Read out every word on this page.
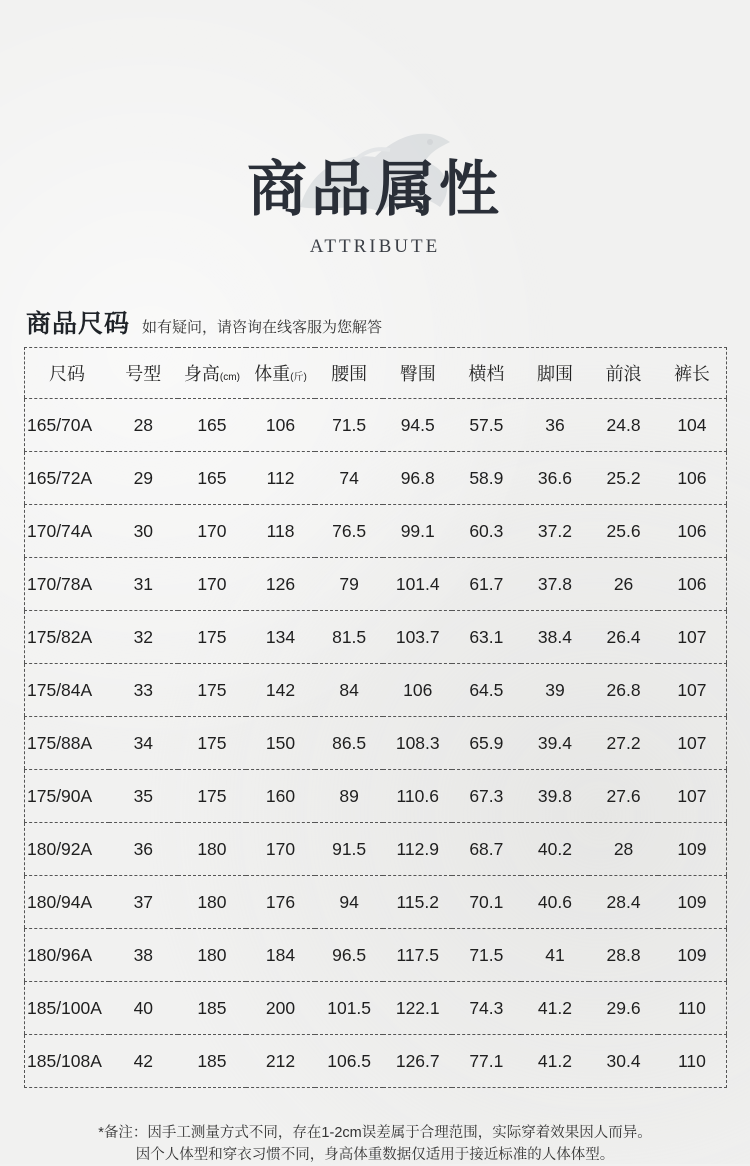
商品属性
ATTRIBUTE
商品尺码 如有疑问，请咨询在线客服为您解答
尺码	号型	身高(cm)	体重(斤)	腰围	臀围	横档	脚围	前浪	裤长
165/70A	28	165	106	71.5	94.5	57.5	36	24.8	104
165/72A	29	165	112	74	96.8	58.9	36.6	25.2	106
170/74A	30	170	118	76.5	99.1	60.3	37.2	25.6	106
170/78A	31	170	126	79	101.4	61.7	37.8	26	106
175/82A	32	175	134	81.5	103.7	63.1	38.4	26.4	107
175/84A	33	175	142	84	106	64.5	39	26.8	107
175/88A	34	175	150	86.5	108.3	65.9	39.4	27.2	107
175/90A	35	175	160	89	110.6	67.3	39.8	27.6	107
180/92A	36	180	170	91.5	112.9	68.7	40.2	28	109
180/94A	37	180	176	94	115.2	70.1	40.6	28.4	109
180/96A	38	180	184	96.5	117.5	71.5	41	28.8	109
185/100A	40	185	200	101.5	122.1	74.3	41.2	29.6	110
185/108A	42	185	212	106.5	126.7	77.1	41.2	30.4	110
*备注：因手工测量方式不同，存在1-2cm误差属于合理范围，实际穿着效果因人而异。
因个人体型和穿衣习惯不同，身高体重数据仅适用于接近标准的人体体型。
